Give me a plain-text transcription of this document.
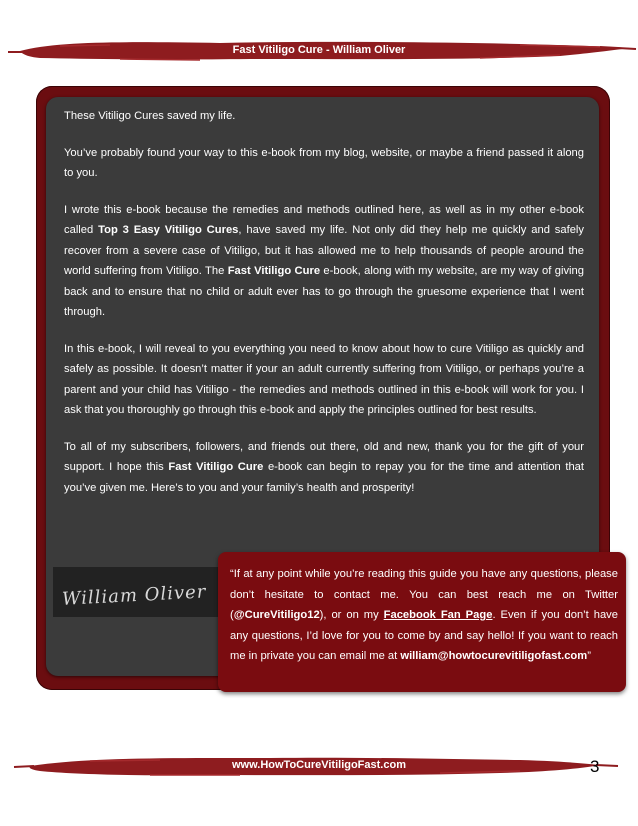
Fast Vitiligo Cure - William Oliver

These Vitiligo Cures saved my life.

You’ve probably found your way to this e-book from my blog, website, or maybe a friend passed it along to you.

I wrote this e-book because the remedies and methods outlined here, as well as in my other e-book called Top 3 Easy Vitiligo Cures, have saved my life. Not only did they help me quickly and safely recover from a severe case of Vitiligo, but it has allowed me to help thousands of people around the world suffering from Vitiligo. The Fast Vitiligo Cure e-book, along with my website, are my way of giving back and to ensure that no child or adult ever has to go through the gruesome experience that I went through.

In this e-book, I will reveal to you everything you need to know about how to cure Vitiligo as quickly and safely as possible. It doesn’t matter if your an adult currently suffering from Vitiligo, or perhaps you’re a parent and your child has Vitiligo - the remedies and methods outlined in this e-book will work for you. I ask that you thoroughly go through this e-book and apply the principles outlined for best results.

To all of my subscribers, followers, and friends out there, old and new, thank you for the gift of your support. I hope this Fast Vitiligo Cure e-book can begin to repay you for the time and attention that you’ve given me. Here’s to you and your family’s health and prosperity!

William Oliver
“If at any point while you’re reading this guide you have any questions, please don’t hesitate to contact me. You can best reach me on Twitter (@CureVitiligo12), or on my Facebook Fan Page. Even if you don’t have any questions, I’d love for you to come by and say hello! If you want to reach me in private you can email me at william@howtocurevitiligofast.com”
www.HowToCureVitiligoFast.com	3
